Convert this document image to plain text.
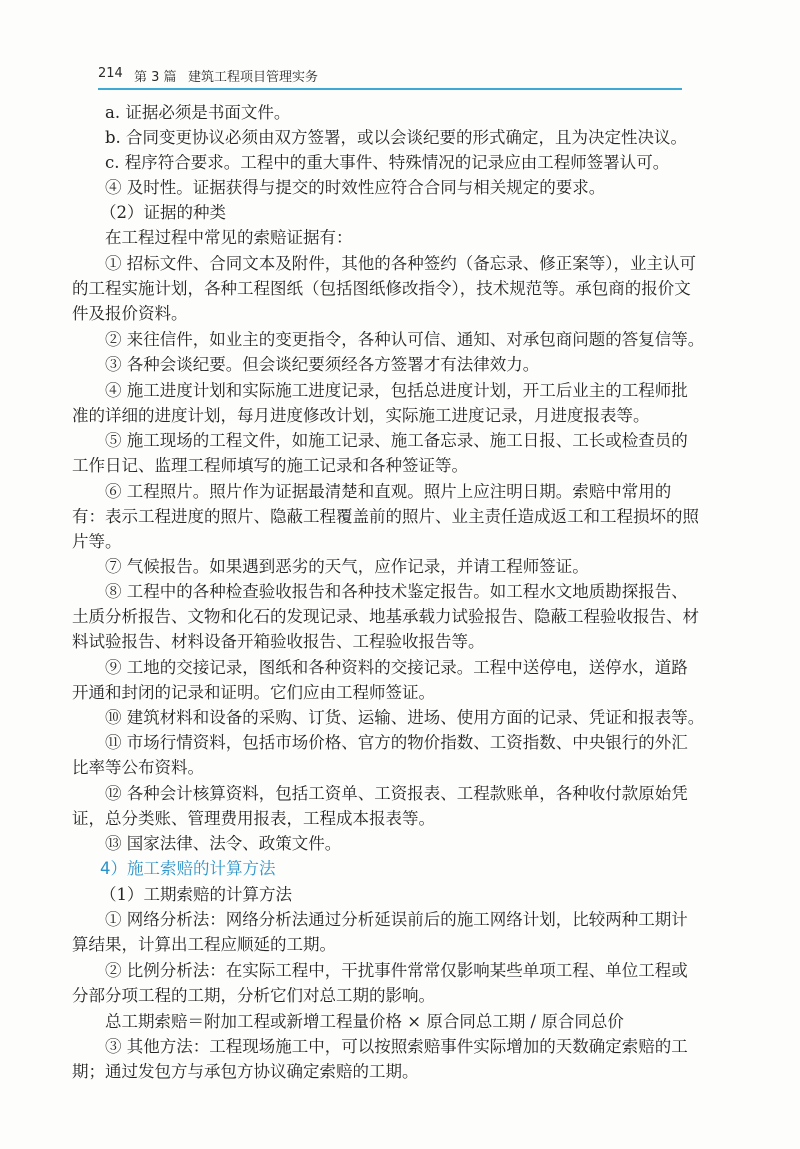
214 第 3 篇 建筑工程项目管理实务
a. 证据必须是书面文件。
b. 合同变更协议必须由双方签署，或以会谈纪要的形式确定，且为决定性决议。
c. 程序符合要求。工程中的重大事件、特殊情况的记录应由工程师签署认可。
④ 及时性。证据获得与提交的时效性应符合合同与相关规定的要求。
（2）证据的种类
在工程过程中常见的索赔证据有：
① 招标文件、合同文本及附件，其他的各种签约（备忘录、修正案等），业主认可
的工程实施计划，各种工程图纸（包括图纸修改指令），技术规范等。承包商的报价文
件及报价资料。
② 来往信件，如业主的变更指令，各种认可信、通知、对承包商问题的答复信等。
③ 各种会谈纪要。但会谈纪要须经各方签署才有法律效力。
④ 施工进度计划和实际施工进度记录，包括总进度计划，开工后业主的工程师批
准的详细的进度计划，每月进度修改计划，实际施工进度记录，月进度报表等。
⑤ 施工现场的工程文件，如施工记录、施工备忘录、施工日报、工长或检查员的
工作日记、监理工程师填写的施工记录和各种签证等。
⑥ 工程照片。照片作为证据最清楚和直观。照片上应注明日期。索赔中常用的
有：表示工程进度的照片、隐蔽工程覆盖前的照片、业主责任造成返工和工程损坏的照
片等。
⑦ 气候报告。如果遇到恶劣的天气，应作记录，并请工程师签证。
⑧ 工程中的各种检查验收报告和各种技术鉴定报告。如工程水文地质勘探报告、
土质分析报告、文物和化石的发现记录、地基承载力试验报告、隐蔽工程验收报告、材
料试验报告、材料设备开箱验收报告、工程验收报告等。
⑨ 工地的交接记录，图纸和各种资料的交接记录。工程中送停电，送停水，道路
开通和封闭的记录和证明。它们应由工程师签证。
⑩ 建筑材料和设备的采购、订货、运输、进场、使用方面的记录、凭证和报表等。
⑪ 市场行情资料，包括市场价格、官方的物价指数、工资指数、中央银行的外汇
比率等公布资料。
⑫ 各种会计核算资料，包括工资单、工资报表、工程款账单，各种收付款原始凭
证，总分类账、管理费用报表，工程成本报表等。
⑬ 国家法律、法令、政策文件。
4）施工索赔的计算方法
（1）工期索赔的计算方法
① 网络分析法：网络分析法通过分析延误前后的施工网络计划，比较两种工期计
算结果，计算出工程应顺延的工期。
② 比例分析法：在实际工程中，干扰事件常常仅影响某些单项工程、单位工程或
分部分项工程的工期，分析它们对总工期的影响。
总工期索赔＝附加工程或新增工程量价格 × 原合同总工期 / 原合同总价
③ 其他方法：工程现场施工中，可以按照索赔事件实际增加的天数确定索赔的工
期；通过发包方与承包方协议确定索赔的工期。
